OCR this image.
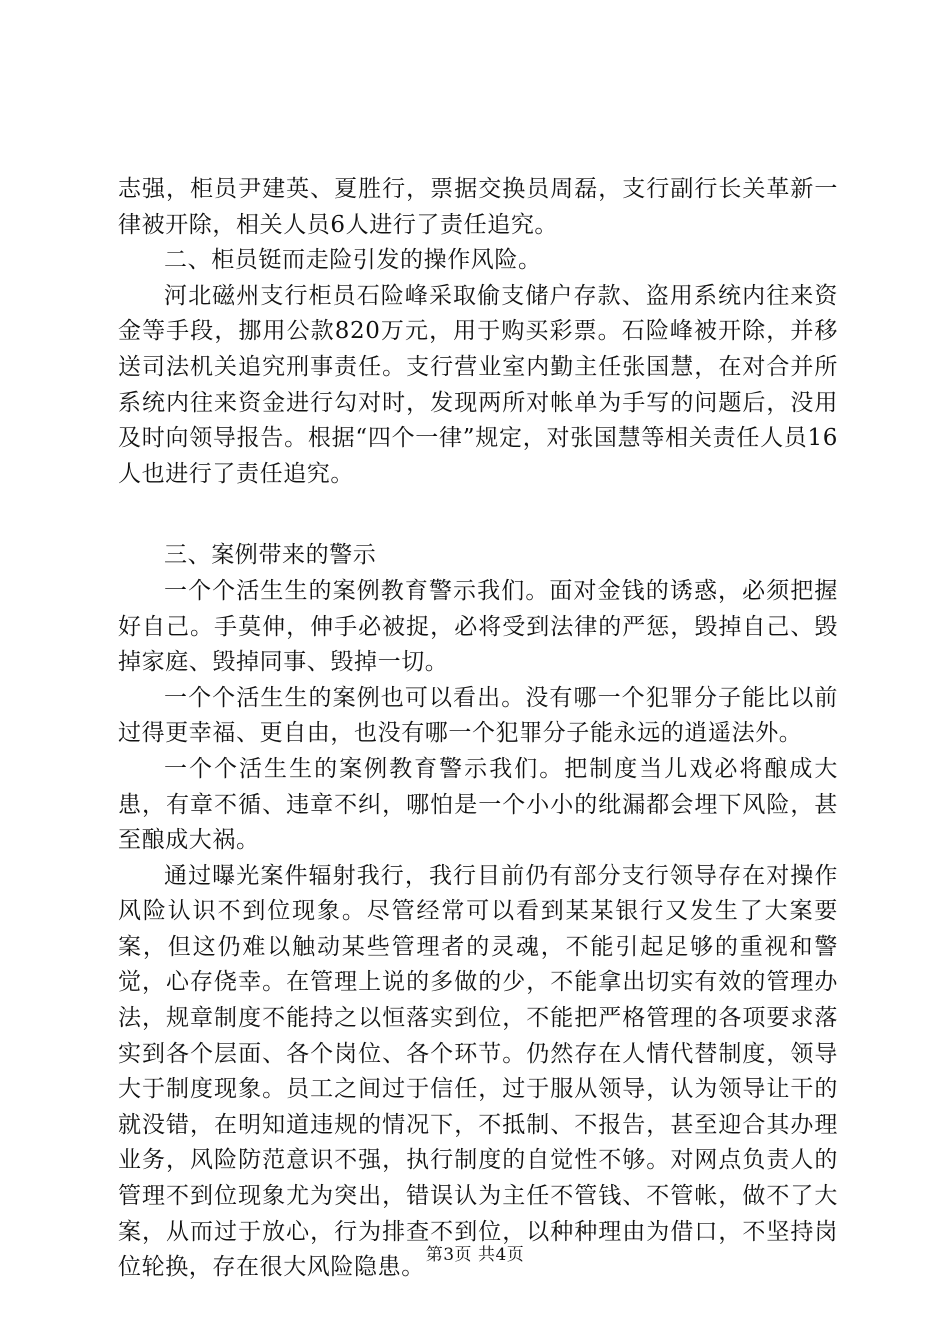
志强，柜员尹建英、夏胜行，票据交换员周磊，支行副行长关革新一律被开除，相关人员6人进行了责任追究。

二、柜员铤而走险引发的操作风险。

河北磁州支行柜员石险峰采取偷支储户存款、盗用系统内往来资金等手段，挪用公款820万元，用于购买彩票。石险峰被开除，并移送司法机关追究刑事责任。支行营业室内勤主任张国慧，在对合并所系统内往来资金进行勾对时，发现两所对帐单为手写的问题后，没用及时向领导报告。根据“四个一律”规定，对张国慧等相关责任人员16人也进行了责任追究。

三、案例带来的警示

一个个活生生的案例教育警示我们。面对金钱的诱惑，必须把握好自己。手莫伸，伸手必被捉，必将受到法律的严惩，毁掉自己、毁掉家庭、毁掉同事、毁掉一切。

一个个活生生的案例也可以看出。没有哪一个犯罪分子能比以前过得更幸福、更自由，也没有哪一个犯罪分子能永远的逍遥法外。

一个个活生生的案例教育警示我们。把制度当儿戏必将酿成大患，有章不循、违章不纠，哪怕是一个小小的纰漏都会埋下风险，甚至酿成大祸。

通过曝光案件辐射我行，我行目前仍有部分支行领导存在对操作风险认识不到位现象。尽管经常可以看到某某银行又发生了大案要案，但这仍难以触动某些管理者的灵魂，不能引起足够的重视和警觉，心存侥幸。在管理上说的多做的少，不能拿出切实有效的管理办法，规章制度不能持之以恒落实到位，不能把严格管理的各项要求落实到各个层面、各个岗位、各个环节。仍然存在人情代替制度，领导大于制度现象。员工之间过于信任，过于服从领导，认为领导让干的就没错，在明知道违规的情况下，不抵制、不报告，甚至迎合其办理业务，风险防范意识不强，执行制度的自觉性不够。对网点负责人的管理不到位现象尤为突出，错误认为主任不管钱、不管帐，做不了大案，从而过于放心，行为排查不到位，以种种理由为借口，不坚持岗位轮换，存在很大风险隐患。 第3页 共4页
